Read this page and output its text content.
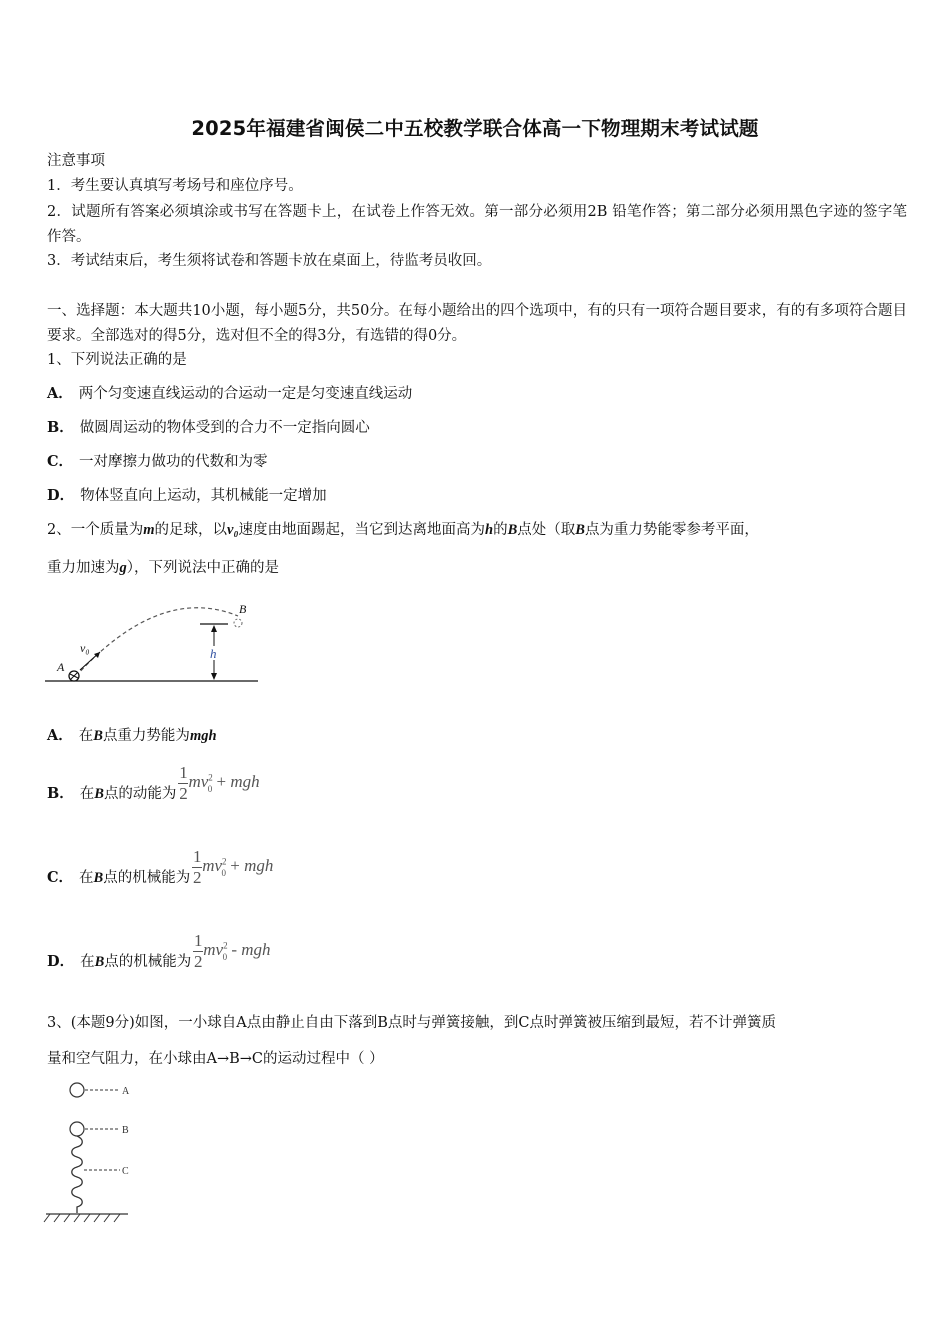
2025年福建省闽侯二中五校教学联合体高一下物理期末考试试题
注意事项
1．考生要认真填写考场号和座位序号。
2．试题所有答案必须填涂或书写在答题卡上，在试卷上作答无效。第一部分必须用2B 铅笔作答；第二部分必须用黑色字迹的签字笔作答。
3．考试结束后，考生须将试卷和答题卡放在桌面上，待监考员收回。
一、选择题：本大题共10小题，每小题5分，共50分。在每小题给出的四个选项中，有的只有一项符合题目要求，有的有多项符合题目要求。全部选对的得5分，选对但不全的得3分，有选错的得0分。
1、下列说法正确的是
A． 两个匀变速直线运动的合运动一定是匀变速直线运动
B． 做圆周运动的物体受到的合力不一定指向圆心
C． 一对摩擦力做功的代数和为零
D． 物体竖直向上运动，其机械能一定增加
2、一个质量为m的足球，以v₀速度由地面踢起，当它到达离地面高为h的B点处（取B点为重力势能零参考平面，
重力加速为g），下列说法中正确的是
v₀
A
h
B
A． 在B点重力势能为mgh
B． 在B点的动能为 $\frac{1}{2} mv^2_0$ + mgh
C． 在B点的机械能为 $\frac{1}{2} mv^2_0$ + mgh
D． 在B点的机械能为 $\frac{1}{2} mv^2_0$ - mgh
3、(本题9分)如图，一小球自A点由静止自由下落到B点时与弹簧接触，到C点时弹簧被压缩到最短，若不计弹簧质
量和空气阻力，在小球由A→B→C的运动过程中（ ）
A
B
C
